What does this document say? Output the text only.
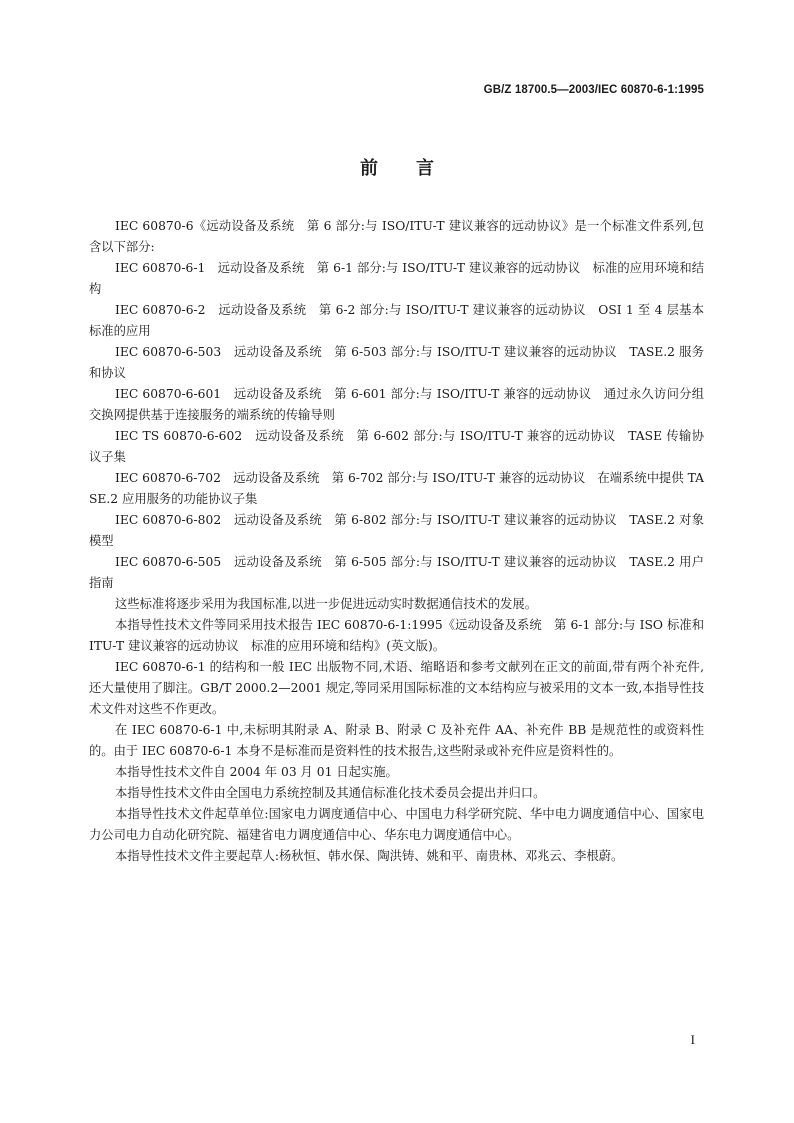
GB/Z 18700.5—2003/IEC 60870-6-1:1995
前言

IEC 60870-6《远动设备及系统　第 6 部分:与 ISO/ITU-T 建议兼容的远动协议》是一个标准文件系列,包含以下部分:

IEC 60870-6-1　远动设备及系统　第 6-1 部分:与 ISO/ITU-T 建议兼容的远动协议　标准的应用环境和结构

IEC 60870-6-2　远动设备及系统　第 6-2 部分:与 ISO/ITU-T 建议兼容的远动协议　OSI 1 至 4 层基本标准的应用

IEC 60870-6-503　远动设备及系统　第 6-503 部分:与 ISO/ITU-T 建议兼容的远动协议　TASE.2 服务和协议

IEC 60870-6-601　远动设备及系统　第 6-601 部分:与 ISO/ITU-T 兼容的远动协议　通过永久访问分组交换网提供基于连接服务的端系统的传输导则

IEC TS 60870-6-602　远动设备及系统　第 6-602 部分:与 ISO/ITU-T 兼容的远动协议　TASE 传输协议子集

IEC 60870-6-702　远动设备及系统　第 6-702 部分:与 ISO/ITU-T 兼容的远动协议　在端系统中提供 TASE.2 应用服务的功能协议子集

IEC 60870-6-802　远动设备及系统　第 6-802 部分:与 ISO/ITU-T 建议兼容的远动协议　TASE.2 对象模型

IEC 60870-6-505　远动设备及系统　第 6-505 部分:与 ISO/ITU-T 建议兼容的远动协议　TASE.2 用户指南

这些标准将逐步采用为我国标准,以进一步促进远动实时数据通信技术的发展。

本指导性技术文件等同采用技术报告 IEC 60870-6-1:1995《远动设备及系统　第 6-1 部分:与 ISO 标准和 ITU-T 建议兼容的远动协议　标准的应用环境和结构》(英文版)。

IEC 60870-6-1 的结构和一般 IEC 出版物不同,术语、缩略语和参考文献列在正文的前面,带有两个补充件,还大量使用了脚注。GB/T 2000.2—2001 规定,等同采用国际标准的文本结构应与被采用的文本一致,本指导性技术文件对这些不作更改。

在 IEC 60870-6-1 中,未标明其附录 A、附录 B、附录 C 及补充件 AA、补充件 BB 是规范性的或资料性的。由于 IEC 60870-6-1 本身不是标准而是资料性的技术报告,这些附录或补充件应是资料性的。

本指导性技术文件自 2004 年 03 月 01 日起实施。

本指导性技术文件由全国电力系统控制及其通信标准化技术委员会提出并归口。

本指导性技术文件起草单位:国家电力调度通信中心、中国电力科学研究院、华中电力调度通信中心、国家电力公司电力自动化研究院、福建省电力调度通信中心、华东电力调度通信中心。

本指导性技术文件主要起草人:杨秋恒、韩水保、陶洪铸、姚和平、南贵林、邓兆云、李根蔚。

I
